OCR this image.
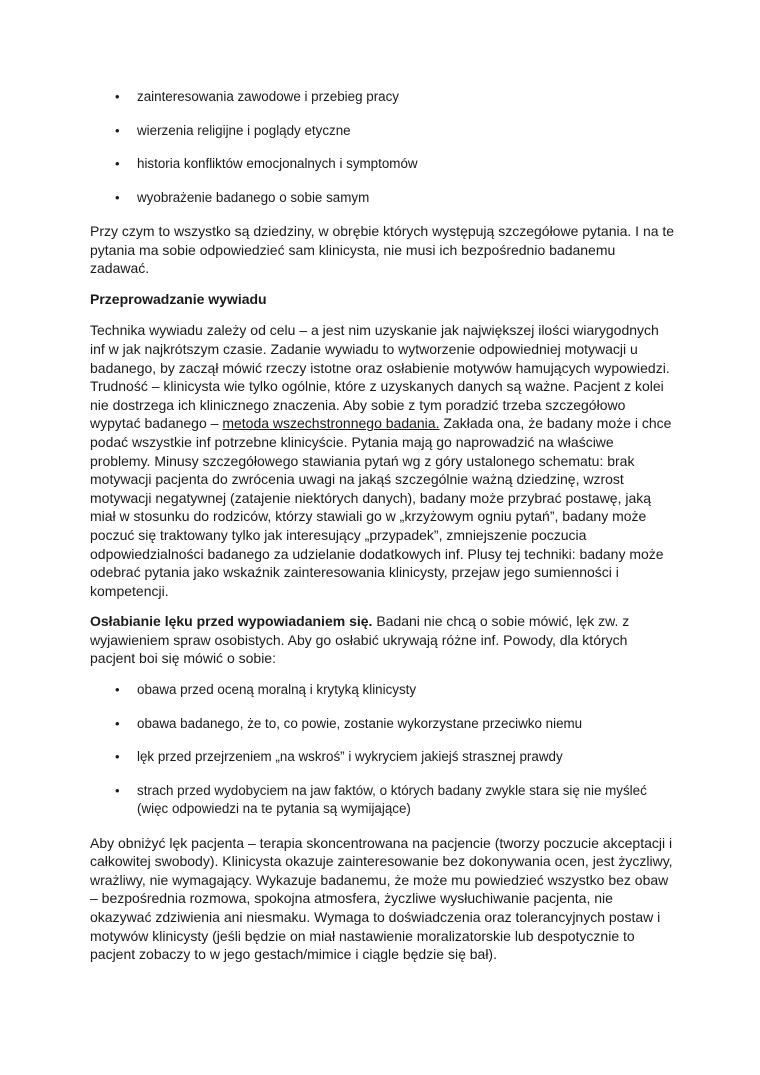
• zainteresowania zawodowe i przebieg pracy
• wierzenia religijne i poglądy etyczne
• historia konfliktów emocjonalnych i symptomów
• wyobrażenie badanego o sobie samym

Przy czym to wszystko są dziedziny, w obrębie których występują szczegółowe pytania. I na te pytania ma sobie odpowiedzieć sam klinicysta, nie musi ich bezpośrednio badanemu zadawać.

Przeprowadzanie wywiadu

Technika wywiadu zależy od celu – a jest nim uzyskanie jak największej ilości wiarygodnych inf w jak najkrótszym czasie. Zadanie wywiadu to wytworzenie odpowiedniej motywacji u badanego, by zaczął mówić rzeczy istotne oraz osłabienie motywów hamujących wypowiedzi. Trudność – klinicysta wie tylko ogólnie, które z uzyskanych danych są ważne. Pacjent z kolei nie dostrzega ich klinicznego znaczenia. Aby sobie z tym poradzić trzeba szczegółowo wypytać badanego – metoda wszechstronnego badania. Zakłada ona, że badany może i chce podać wszystkie inf potrzebne klinicyście. Pytania mają go naprowadzić na właściwe problemy. Minusy szczegółowego stawiania pytań wg z góry ustalonego schematu: brak motywacji pacjenta do zwrócenia uwagi na jakąś szczególnie ważną dziedzinę, wzrost motywacji negatywnej (zatajenie niektórych danych), badany może przybrać postawę, jaką miał w stosunku do rodziców, którzy stawiali go w „krzyżowym ogniu pytań”, badany może poczuć się traktowany tylko jak interesujący „przypadek”, zmniejszenie poczucia odpowiedzialności badanego za udzielanie dodatkowych inf. Plusy tej techniki: badany może odebrać pytania jako wskaźnik zainteresowania klinicysty, przejaw jego sumienności i kompetencji.

Osłabianie lęku przed wypowiadaniem się. Badani nie chcą o sobie mówić, lęk zw. z wyjawieniem spraw osobistych. Aby go osłabić ukrywają różne inf. Powody, dla których pacjent boi się mówić o sobie:

• obawa przed oceną moralną i krytyką klinicysty
• obawa badanego, że to, co powie, zostanie wykorzystane przeciwko niemu
• lęk przed przejrzeniem „na wskroś” i wykryciem jakiejś strasznej prawdy
• strach przed wydobyciem na jaw faktów, o których badany zwykle stara się nie myśleć (więc odpowiedzi na te pytania są wymijające)

Aby obniżyć lęk pacjenta – terapia skoncentrowana na pacjencie (tworzy poczucie akceptacji i całkowitej swobody). Klinicysta okazuje zainteresowanie bez dokonywania ocen, jest życzliwy, wrażliwy, nie wymagający. Wykazuje badanemu, że może mu powiedzieć wszystko bez obaw – bezpośrednia rozmowa, spokojna atmosfera, życzliwe wysłuchiwanie pacjenta, nie okazywać zdziwienia ani niesmaku. Wymaga to doświadczenia oraz tolerancyjnych postaw i motywów klinicysty (jeśli będzie on miał nastawienie moralizatorskie lub despotycznie to pacjent zobaczy to w jego gestach/mimice i ciągle będzie się bał).
